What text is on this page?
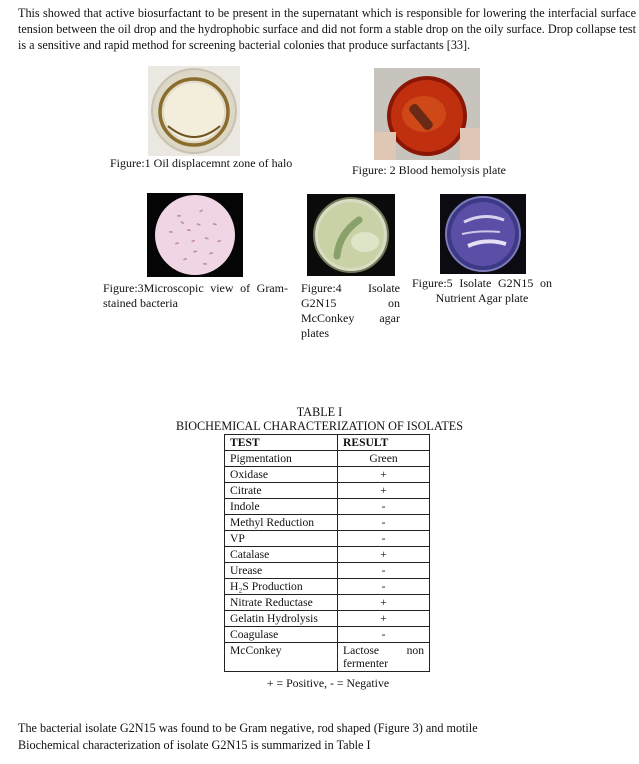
This showed that active biosurfactant to be present in the supernatant which is responsible for lowering the interfacial surface tension between the oil drop and the hydrophobic surface and did not form a stable drop on the oily surface. Drop collapse test is a sensitive and rapid method for screening bacterial colonies that produce surfactants [33].

Figure:1 Oil displacemnt zone of halo	Figure: 2 Blood hemolysis plate
Figure:3Microscopic view of Gram-stained bacteria
Figure:4 Isolate G2N15 on McConkey agar plates
Figure:5 Isolate G2N15 on Nutrient Agar plate
TABLE I
BIOCHEMICAL CHARACTERIZATION OF ISOLATES
TEST	RESULT
Pigmentation	Green
Oxidase	+
Citrate	+
Indole	-
Methyl Reduction	-
VP	-
Catalase	+
Urease	-
H₂S Production	-
Nitrate Reductase	+
Gelatin Hydrolysis	+
Coagulase	-
McConkey	Lactose non fermenter
+ = Positive, - = Negative
The bacterial isolate G2N15 was found to be Gram negative, rod shaped (Figure 3) and motile
Biochemical characterization of isolate G2N15 is summarized in Table I
